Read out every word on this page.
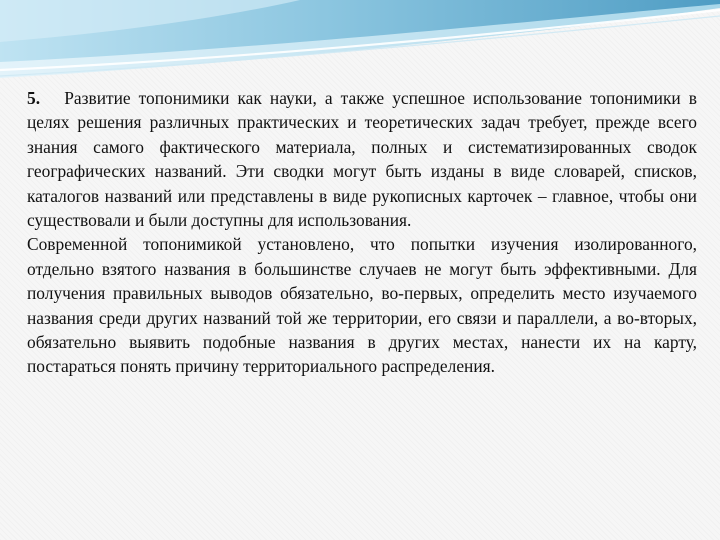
5. Развитие топонимики как науки, а также успешное использование топонимики в целях решения различных практических и теоретических задач требует, прежде всего знания самого фактического материала, полных и систематизированных сводок географических названий. Эти сводки могут быть изданы в виде словарей, списков, каталогов названий или представлены в виде рукописных карточек – главное, чтобы они существовали и были доступны для использования.

Современной топонимикой установлено, что попытки изучения изолированного, отдельно взятого названия в большинстве случаев не могут быть эффективными. Для получения правильных выводов обязательно, во-первых, определить место изучаемого названия среди других названий той же территории, его связи и параллели, а во-вторых, обязательно выявить подобные названия в других местах, нанести их на карту, постараться понять причину территориального распределения.
